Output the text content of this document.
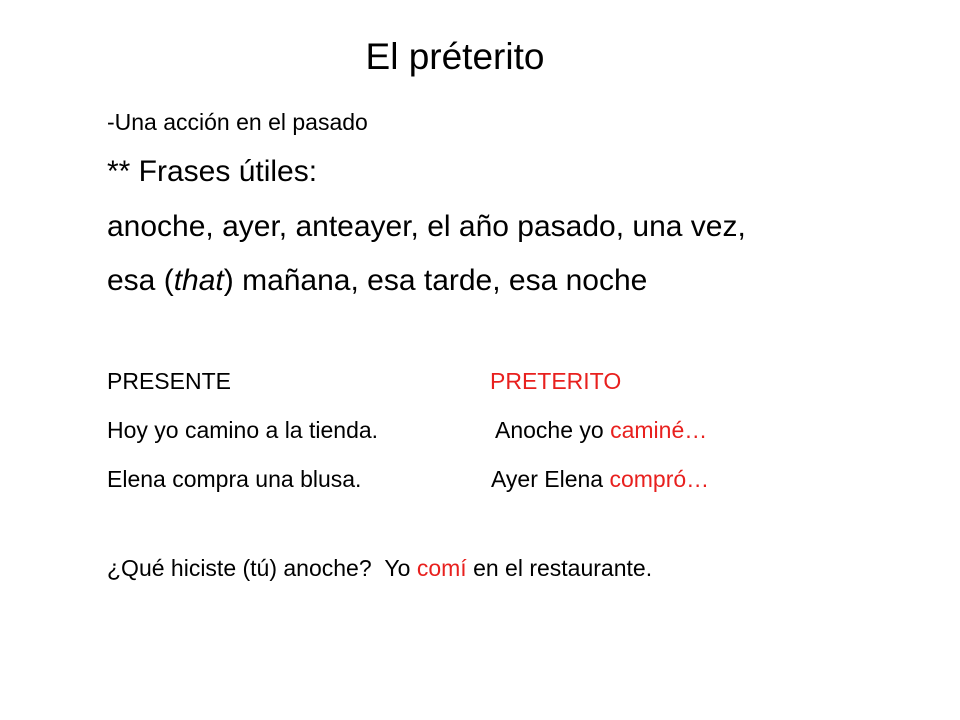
El préterito
-Una acción en el pasado
** Frases útiles:
anoche, ayer, anteayer, el año pasado, una vez,
esa (that) mañana, esa tarde, esa noche
PRESENTE	PRETERITO
Hoy yo camino a la tienda.	Anoche yo caminé…
Elena compra una blusa.	Ayer Elena compró…
¿Qué hiciste (tú) anoche? Yo comí en el restaurante.
